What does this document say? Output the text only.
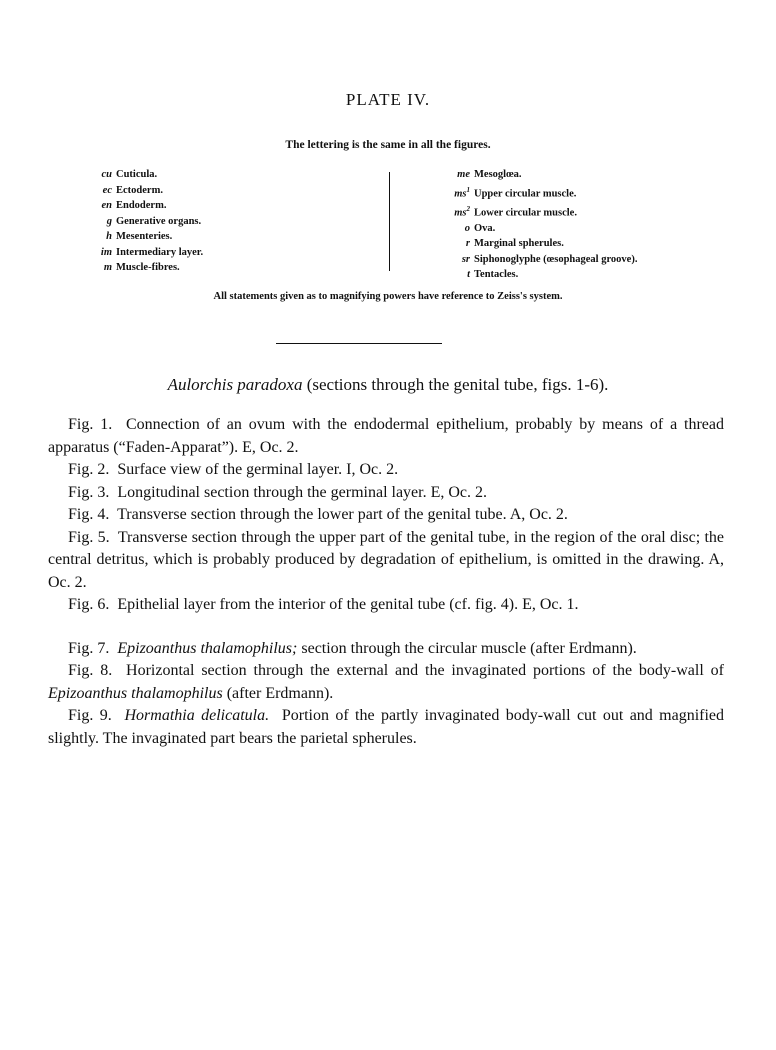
PLATE IV.
The lettering is the same in all the figures.
cu Cuticula.
ec Ectoderm.
en Endoderm.
g Generative organs.
h Mesenteries.
im Intermediary layer.
m Muscle-fibres.
me Mesoglœa.
$ms^1$ Upper circular muscle.
$ms^2$ Lower circular muscle.
o Ova.
r Marginal spherules.
sr Siphonoglyphe (œsophageal groove).
t Tentacles.
All statements given as to magnifying powers have reference to Zeiss's system.
Aulorchis paradoxa (sections through the genital tube, figs. 1-6).

Fig. 1. Connection of an ovum with the endodermal epithelium, probably by means of a thread apparatus (“Faden-Apparat”). E, Oc. 2.

Fig. 2. Surface view of the germinal layer. I, Oc. 2.

Fig. 3. Longitudinal section through the germinal layer. E, Oc. 2.

Fig. 4. Transverse section through the lower part of the genital tube. A, Oc. 2.

Fig. 5. Transverse section through the upper part of the genital tube, in the region of the oral disc; the central detritus, which is probably produced by degradation of epithelium, is omitted in the drawing. A, Oc. 2.

Fig. 6. Epithelial layer from the interior of the genital tube (cf. fig. 4). E, Oc. 1.

Fig. 7. Epizoanthus thalamophilus; section through the circular muscle (after Erdmann).

Fig. 8. Horizontal section through the external and the invaginated portions of the body-wall of Epizoanthus thalamophilus (after Erdmann).

Fig. 9. Hormathia delicatula. Portion of the partly invaginated body-wall cut out and magnified slightly. The invaginated part bears the parietal spherules.
